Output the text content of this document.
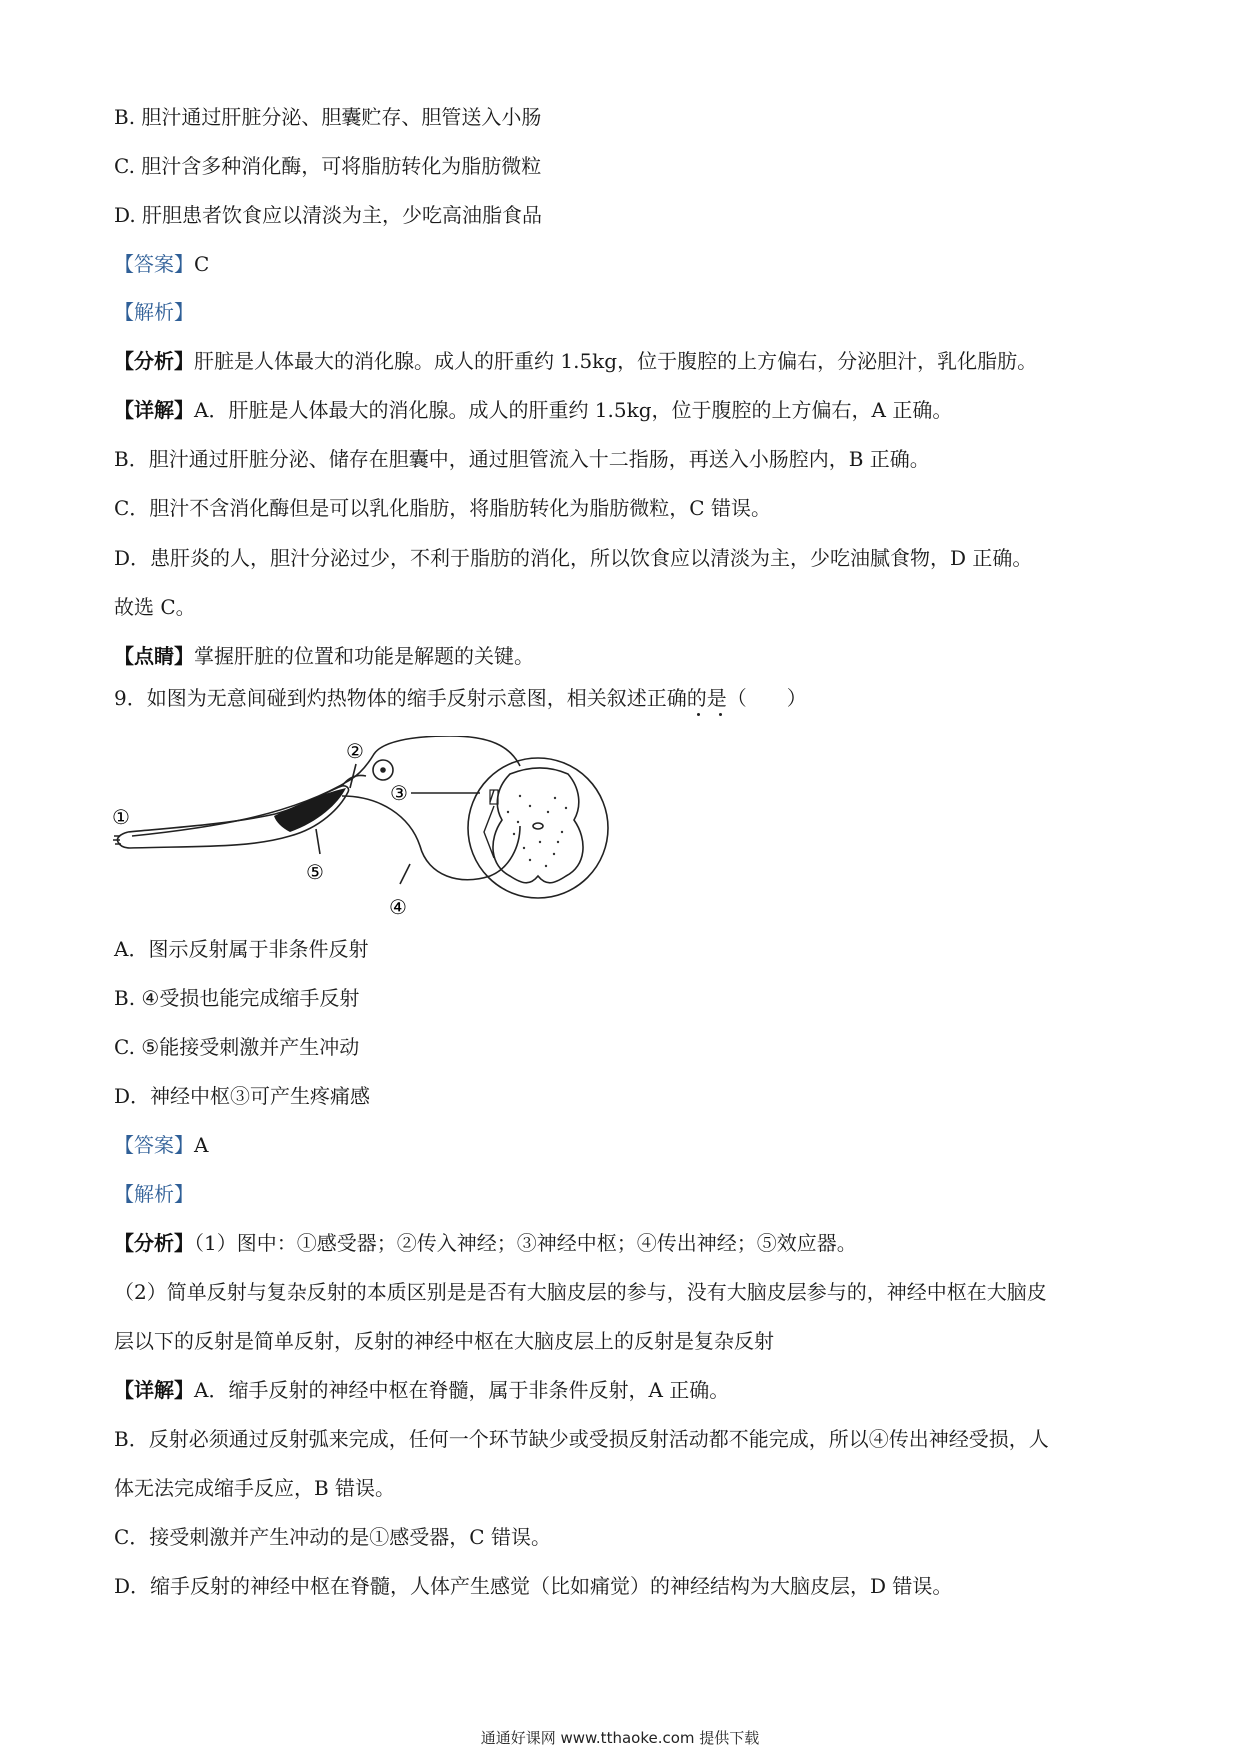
B. 胆汁通过肝脏分泌、胆囊贮存、胆管送入小肠
C. 胆汁含多种消化酶，可将脂肪转化为脂肪微粒
D. 肝胆患者饮食应以清淡为主，少吃高油脂食品
【答案】C
【解析】
【分析】肝脏是人体最大的消化腺。成人的肝重约 1.5kg，位于腹腔的上方偏右，分泌胆汁，乳化脂肪。
【详解】A．肝脏是人体最大的消化腺。成人的肝重约 1.5kg，位于腹腔的上方偏右，A 正确。
B．胆汁通过肝脏分泌、储存在胆囊中，通过胆管流入十二指肠，再送入小肠腔内，B 正确。
C．胆汁不含消化酶但是可以乳化脂肪，将脂肪转化为脂肪微粒，C 错误。
D．患肝炎的人，胆汁分泌过少，不利于脂肪的消化，所以饮食应以清淡为主，少吃油腻食物，D 正确。
故选 C。
【点睛】掌握肝脏的位置和功能是解题的关键。
9．如图为无意间碰到灼热物体的缩手反射示意图，相关叙述正确的是（　　）
①
②
③
④
⑤
A．图示反射属于非条件反射
B. ④受损也能完成缩手反射
C. ⑤能接受刺激并产生冲动
D．神经中枢③可产生疼痛感
【答案】A
【解析】
【分析】（1）图中：①感受器；②传入神经；③神经中枢；④传出神经；⑤效应器。
（2）简单反射与复杂反射的本质区别是是否有大脑皮层的参与，没有大脑皮层参与的，神经中枢在大脑皮
层以下的反射是简单反射，反射的神经中枢在大脑皮层上的反射是复杂反射
【详解】A．缩手反射的神经中枢在脊髓，属于非条件反射，A 正确。
B．反射必须通过反射弧来完成，任何一个环节缺少或受损反射活动都不能完成，所以④传出神经受损，人
体无法完成缩手反应，B 错误。
C．接受刺激并产生冲动的是①感受器，C 错误。
D．缩手反射的神经中枢在脊髓，人体产生感觉（比如痛觉）的神经结构为大脑皮层，D 错误。
通通好课网 www.tthaoke.com 提供下载
